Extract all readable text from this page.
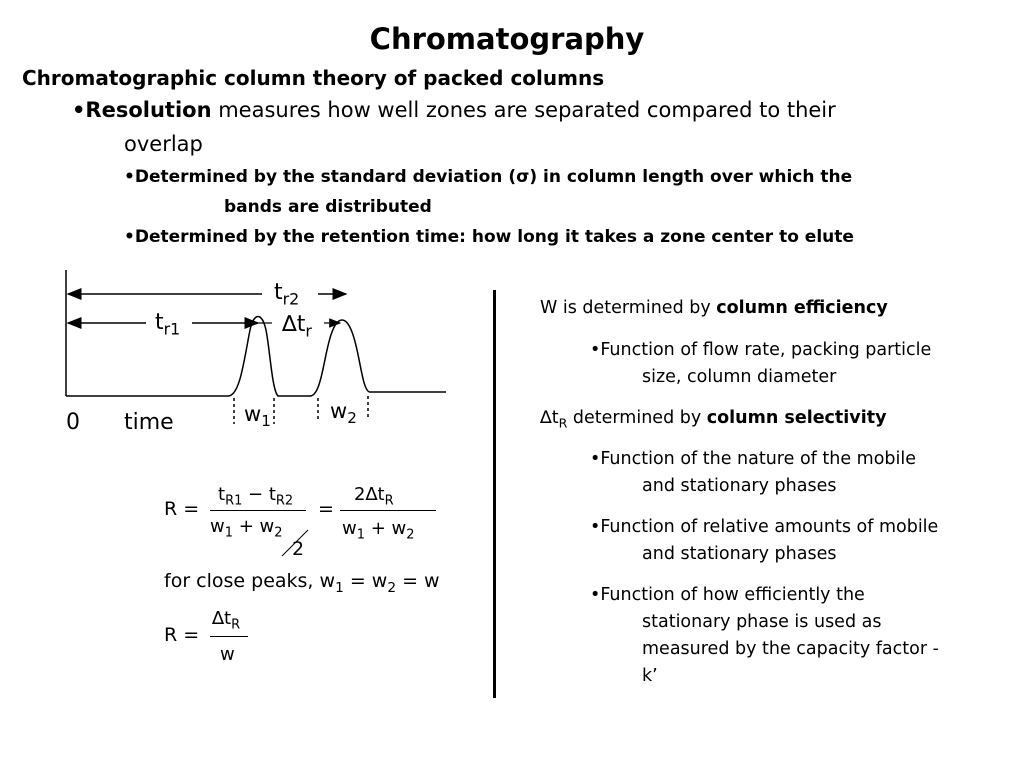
Chromatography
Chromatographic column theory of packed columns
•Resolution measures how well zones are separated compared to their
overlap
•Determined by the standard deviation (σ) in column length over which the
bands are distributed
•Determined by the retention time: how long it takes a zone center to elute
$t_{r2}$
$t_{r1}$	$\Delta t_r$
0 time	$w_1$	$w_2$
R =
$t_{R1} - t_{R2}$
$w_1 + w_2$
2
=
$2\Delta t_R$
$w_1 + w_2$
for close peaks, $w_1 = w_2 = w$
R =
$\Delta t_R$
w
W is determined by column efficiency
•Function of flow rate, packing particle
size, column diameter
$\Delta t_R$ determined by column selectivity
•Function of the nature of the mobile
and stationary phases
•Function of relative amounts of mobile
and stationary phases
•Function of how efficiently the
stationary phase is used as
measured by the capacity factor -
k’
